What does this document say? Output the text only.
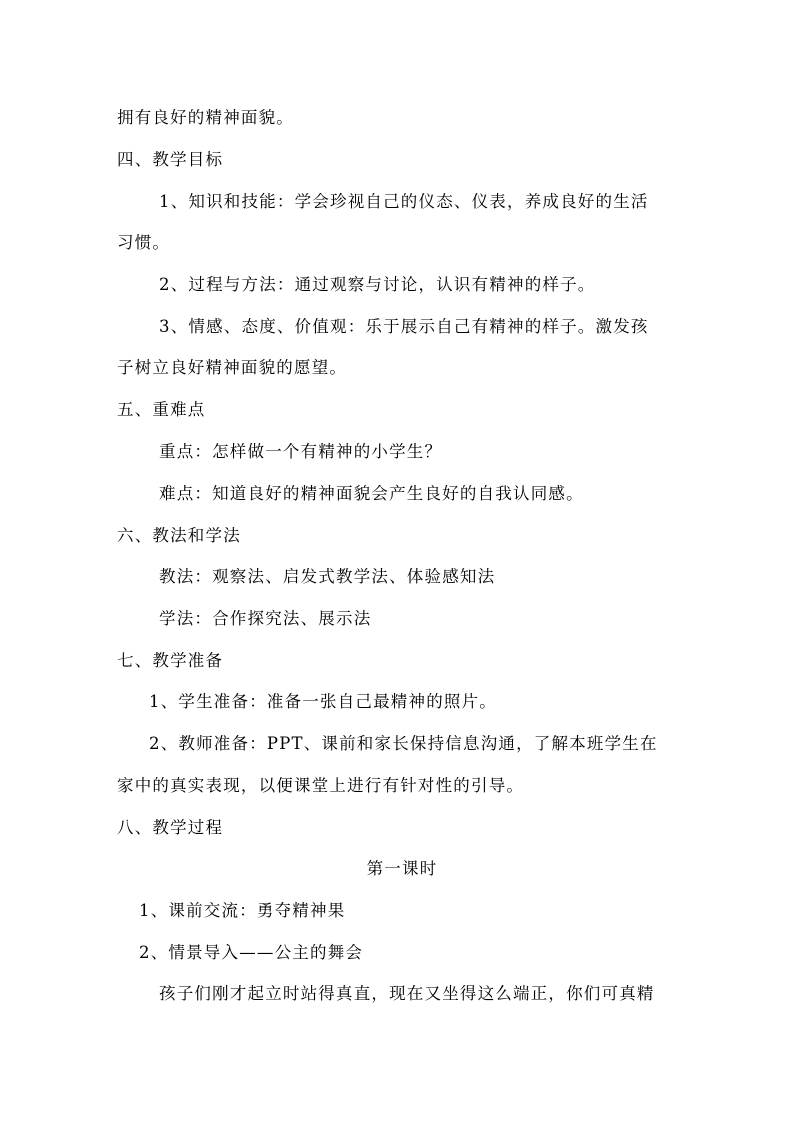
拥有良好的精神面貌。
四、教学目标
1、知识和技能：学会珍视自己的仪态、仪表，养成良好的生活
习惯。
2、过程与方法：通过观察与讨论，认识有精神的样子。
3、情感、态度、价值观：乐于展示自己有精神的样子。激发孩
子树立良好精神面貌的愿望。
五、重难点
重点：怎样做一个有精神的小学生？
难点：知道良好的精神面貌会产生良好的自我认同感。
六、教法和学法
教法：观察法、启发式教学法、体验感知法
学法：合作探究法、展示法
七、教学准备
1、学生准备：准备一张自己最精神的照片。
2、教师准备：PPT、课前和家长保持信息沟通，了解本班学生在
家中的真实表现，以便课堂上进行有针对性的引导。
八、教学过程
第一课时
1、课前交流：勇夺精神果
2、情景导入——公主的舞会
孩子们刚才起立时站得真直，现在又坐得这么端正，你们可真精
